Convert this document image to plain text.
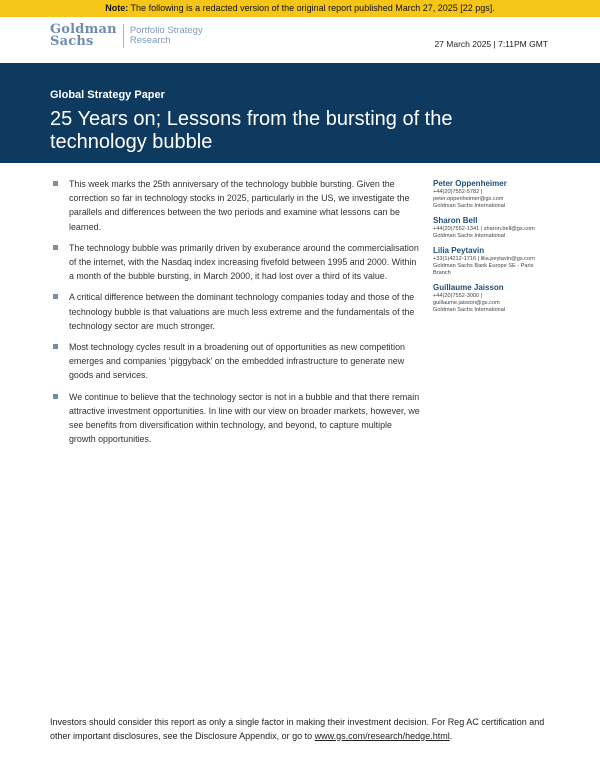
Note: The following is a redacted version of the original report published March 27, 2025 [22 pgs].
Goldman
Sachs
Portfolio Strategy
Research	27 March 2025 | 7:11PM GMT
Global Strategy Paper
25 Years on; Lessons from the bursting of the technology bubble
This week marks the 25th anniversary of the technology bubble bursting. Given the correction so far in technology stocks in 2025, particularly in the US, we investigate the parallels and differences between the two periods and examine what lessons can be learned.
The technology bubble was primarily driven by exuberance around the commercialisation of the internet, with the Nasdaq index increasing fivefold between 1995 and 2000. Within a month of the bubble bursting, in March 2000, it had lost over a third of its value.
A critical difference between the dominant technology companies today and those of the technology bubble is that valuations are much less extreme and the fundamentals of the technology sector are much stronger.
Most technology cycles result in a broadening out of opportunities as new competition emerges and companies ‘piggyback’ on the embedded infrastructure to generate new goods and services.
We continue to believe that the technology sector is not in a bubble and that there remain attractive investment opportunities. In line with our view on broader markets, however, we see benefits from diversification within technology, and beyond, to capture multiple growth opportunities.
Peter Oppenheimer
+44(20)7552-5782 |
peter.oppenheimer@gs.com
Goldman Sachs International
Sharon Bell
+44(20)7552-1341 | sharon.bell@gs.com
Goldman Sachs International
Lilia Peytavin
+33(1)4212-1716 | lilia.peytavin@gs.com
Goldman Sachs Bank Europe SE - Paris
Branch
Guillaume Jaisson
+44(20)7552-3000 |
guillaume.jaisson@gs.com
Goldman Sachs International
Investors should consider this report as only a single factor in making their investment decision. For Reg AC certification and other important disclosures, see the Disclosure Appendix, or go to www.gs.com/research/hedge.html.
